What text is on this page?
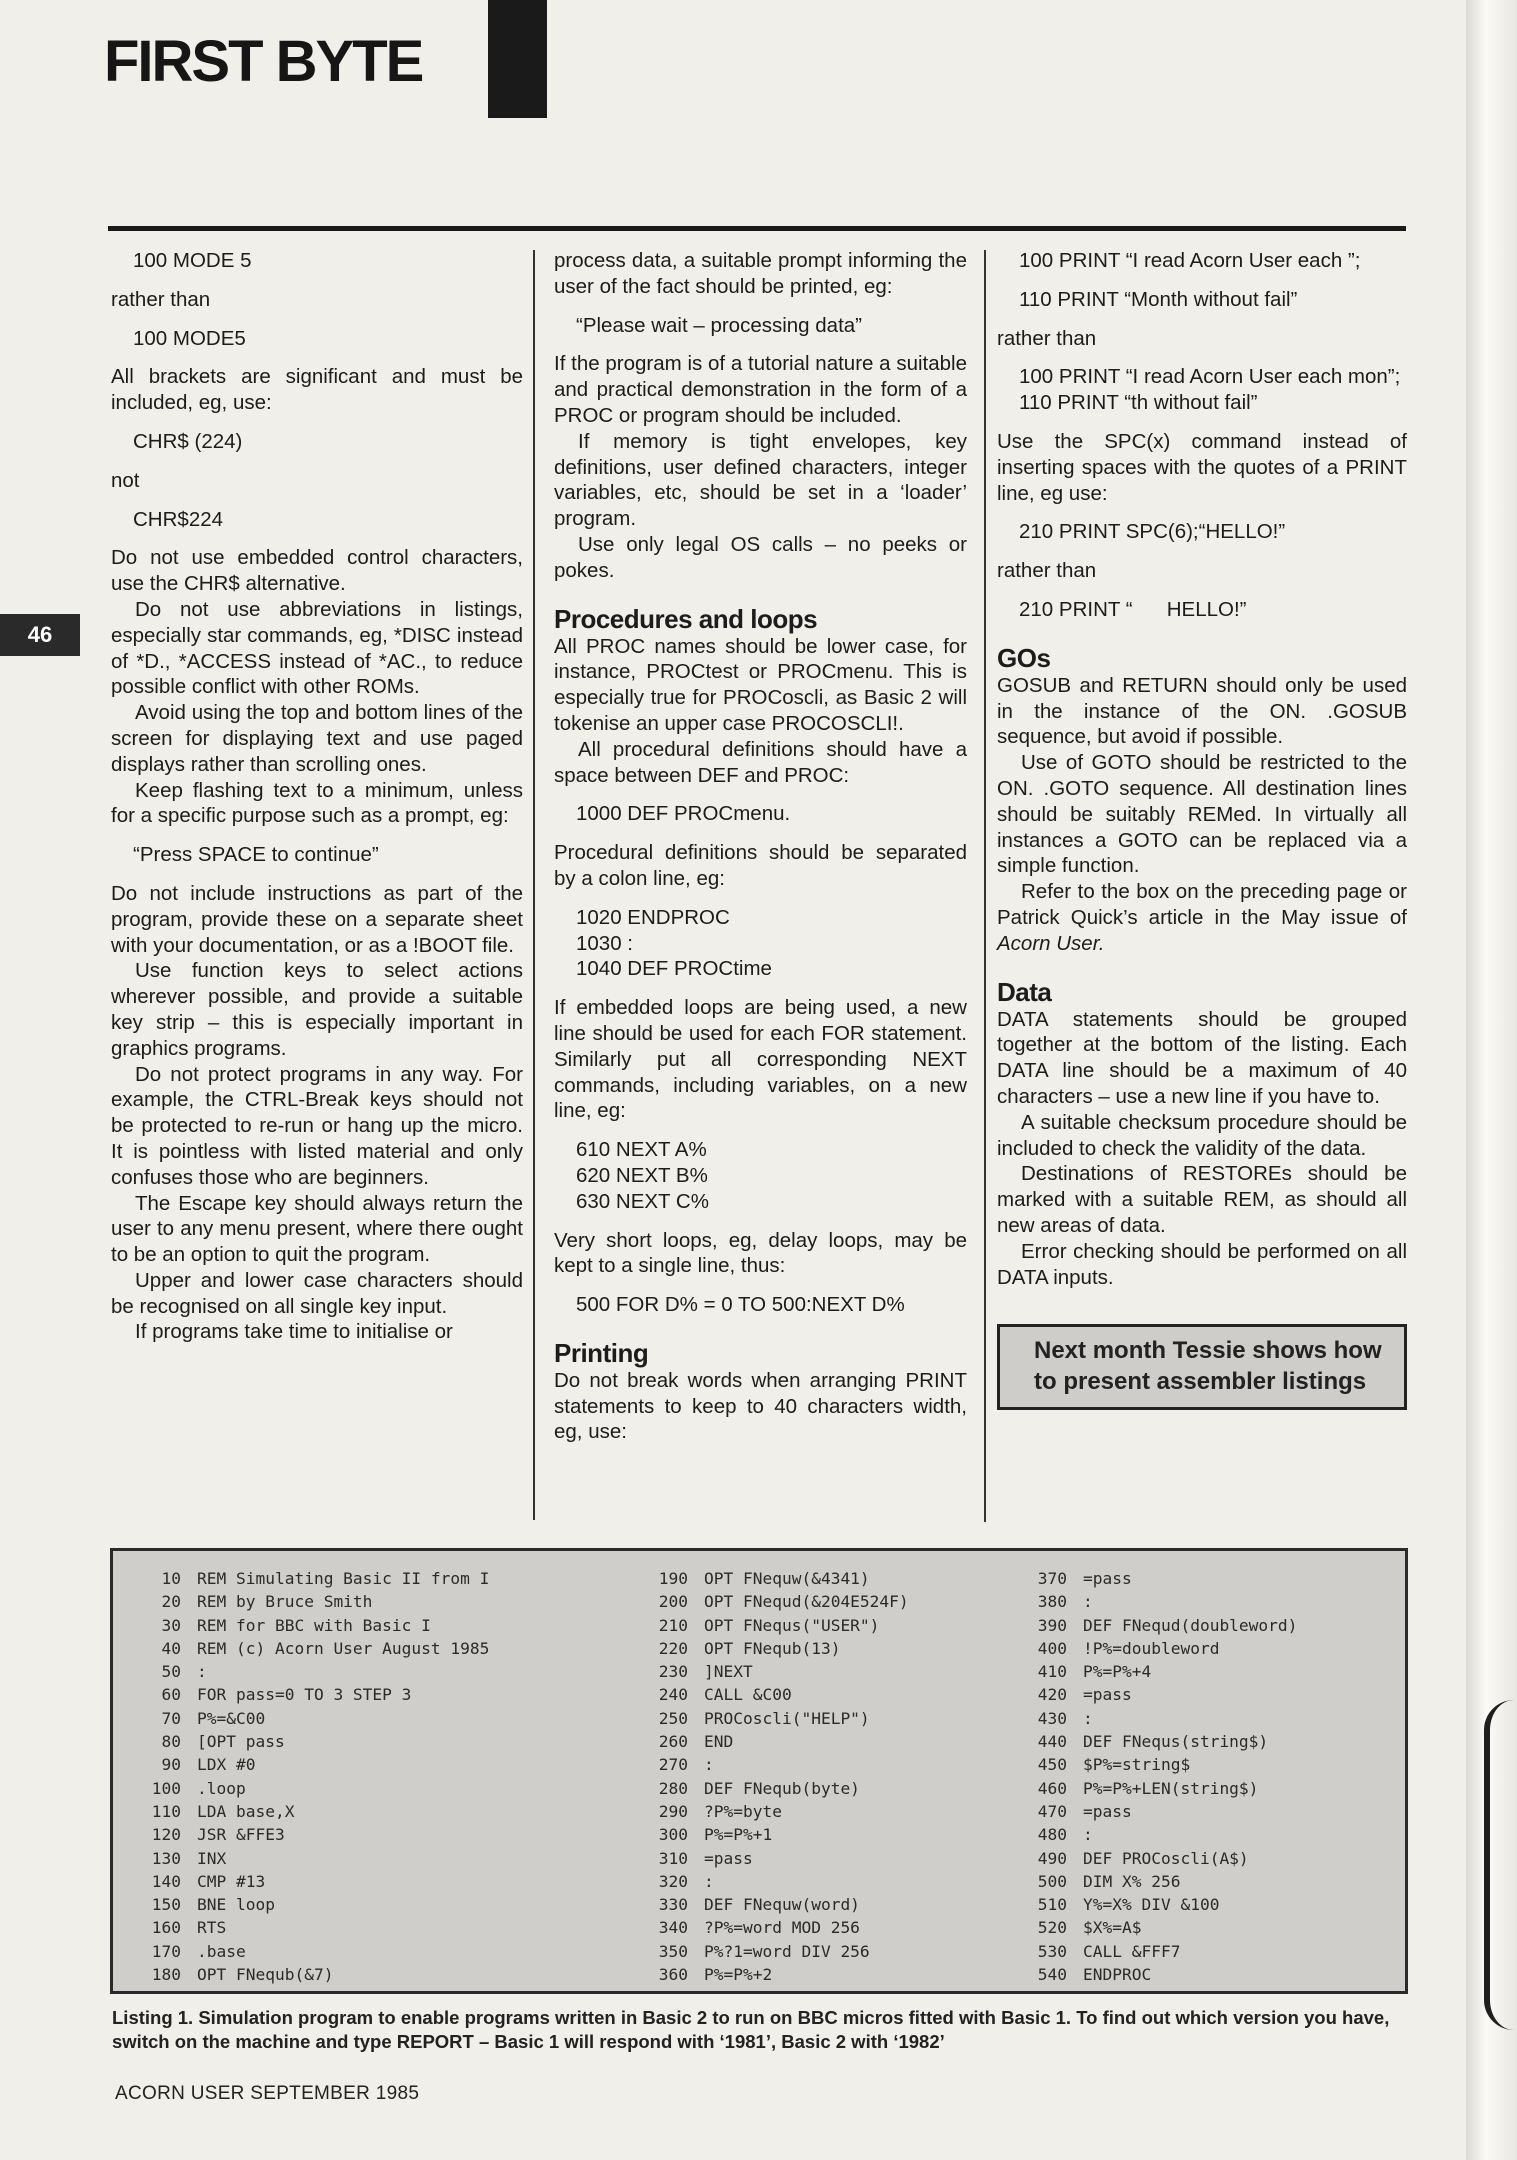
FIRST BYTE
46

100 MODE 5

rather than

100 MODE5

All brackets are significant and must be included, eg, use:

CHR$ (224)

not

CHR$224

Do not use embedded control characters, use the CHR$ alternative.

Do not use abbreviations in listings, especially star commands, eg, *DISC instead of *D., *ACCESS instead of *AC., to reduce possible conflict with other ROMs.

Avoid using the top and bottom lines of the screen for displaying text and use paged displays rather than scrolling ones.

Keep flashing text to a minimum, unless for a specific purpose such as a prompt, eg:

“Press SPACE to continue”

Do not include instructions as part of the program, provide these on a separate sheet with your documentation, or as a !BOOT file.

Use function keys to select actions wherever possible, and provide a suitable key strip – this is especially important in graphics programs.

Do not protect programs in any way. For example, the CTRL-Break keys should not be protected to re-run or hang up the micro. It is pointless with listed material and only confuses those who are beginners.

The Escape key should always return the user to any menu present, where there ought to be an option to quit the program.

Upper and lower case characters should be recognised on all single key input.

If programs take time to initialise or

process data, a suitable prompt informing the user of the fact should be printed, eg:

“Please wait – processing data”

If the program is of a tutorial nature a suitable and practical demonstration in the form of a PROC or program should be included.

If memory is tight envelopes, key definitions, user defined characters, integer variables, etc, should be set in a ‘loader’ program.

Use only legal OS calls – no peeks or pokes.

Procedures and loops

All PROC names should be lower case, for instance, PROCtest or PROCmenu. This is especially true for PROCoscli, as Basic 2 will tokenise an upper case PROCOSCLI!.

All procedural definitions should have a space between DEF and PROC:

1000 DEF PROCmenu.

Procedural definitions should be separated by a colon line, eg:

1020 ENDPROC

1030 :

1040 DEF PROCtime

If embedded loops are being used, a new line should be used for each FOR statement. Similarly put all corresponding NEXT commands, including variables, on a new line, eg:

610 NEXT A%

620 NEXT B%

630 NEXT C%

Very short loops, eg, delay loops, may be kept to a single line, thus:

500 FOR D% = 0 TO 500:NEXT D%

Printing

Do not break words when arranging PRINT statements to keep to 40 characters width, eg, use:

100 PRINT “I read Acorn User each ”;

110 PRINT “Month without fail”

rather than

100 PRINT “I read Acorn User each mon”;

110 PRINT “th without fail”

Use the SPC(x) command instead of inserting spaces with the quotes of a PRINT line, eg use:

210 PRINT SPC(6);“HELLO!”

rather than

210 PRINT “      HELLO!”

GOs

GOSUB and RETURN should only be used in the instance of the ON. .GOSUB sequence, but avoid if possible.

Use of GOTO should be restricted to the ON. .GOTO sequence. All destination lines should be suitably REMed. In virtually all instances a GOTO can be replaced via a simple function.

Refer to the box on the preceding page or Patrick Quick’s article in the May issue of Acorn User.

Data

DATA statements should be grouped together at the bottom of the listing. Each DATA line should be a maximum of 40 characters – use a new line if you have to.

A suitable checksum procedure should be included to check the validity of the data.

Destinations of RESTOREs should be marked with a suitable REM, as should all new areas of data.

Error checking should be performed on all DATA inputs.

Next month Tessie shows how to present assembler listings
10 REM Simulating Basic II from I
20 REM by Bruce Smith
30 REM for BBC with Basic I
40 REM (c) Acorn User August 1985
50 :
60 FOR pass=0 TO 3 STEP 3
70 P%=&C00
80 [OPT pass
90 LDX #0
100 .loop
110 LDA base,X
120 JSR &FFE3
130 INX
140 CMP #13
150 BNE loop
160 RTS
170 .base
180 OPT FNequb(&7)
190 OPT FNequw(&4341)
200 OPT FNequd(&204E524F)
210 OPT FNequs("USER")
220 OPT FNequb(13)
230 ]NEXT
240 CALL &C00
250 PROCoscli("HELP")
260 END
270 :
280 DEF FNequb(byte)
290 ?P%=byte
300 P%=P%+1
310 =pass
320 :
330 DEF FNequw(word)
340 ?P%=word MOD 256
350 P%?1=word DIV 256
360 P%=P%+2
370 =pass
380 :
390 DEF FNequd(doubleword)
400 !P%=doubleword
410 P%=P%+4
420 =pass
430 :
440 DEF FNequs(string$)
450 $P%=string$
460 P%=P%+LEN(string$)
470 =pass
480 :
490 DEF PROCoscli(A$)
500 DIM X% 256
510 Y%=X% DIV &100
520 $X%=A$
530 CALL &FFF7
540 ENDPROC
Listing 1. Simulation program to enable programs written in Basic 2 to run on BBC micros fitted with Basic 1. To find out which version you have, switch on the machine and type REPORT – Basic 1 will respond with ‘1981’, Basic 2 with ‘1982’
ACORN USER SEPTEMBER 1985
